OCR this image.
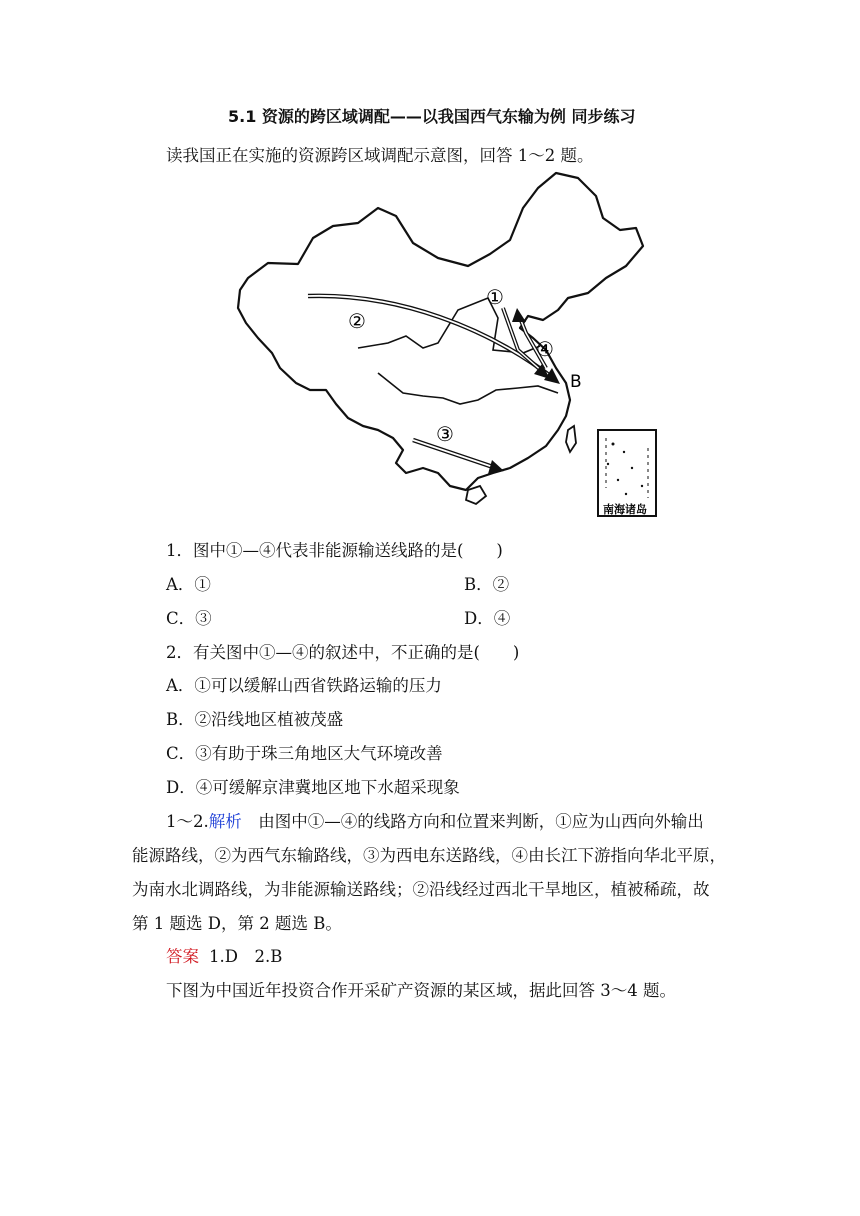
5.1 资源的跨区域调配——以我国西气东输为例 同步练习
读我国正在实施的资源跨区域调配示意图，回答 1～2 题。
①
②
③
④
B
南海诸岛
1．图中①—④代表非能源输送线路的是(　　)
A．①	B．②
C．③	D．④
2．有关图中①—④的叙述中，不正确的是(　　)
A．①可以缓解山西省铁路运输的压力
B．②沿线地区植被茂盛
C．③有助于珠三角地区大气环境改善
D．④可缓解京津冀地区地下水超采现象
1～2.解析　由图中①—④的线路方向和位置来判断，①应为山西向外输出
能源路线，②为西气东输路线，③为西电东送路线，④由长江下游指向华北平原，
为南水北调路线，为非能源输送路线；②沿线经过西北干旱地区，植被稀疏，故
第 1 题选 D，第 2 题选 B。
答案 1.D　2.B
下图为中国近年投资合作开采矿产资源的某区域，据此回答 3～4 题。
